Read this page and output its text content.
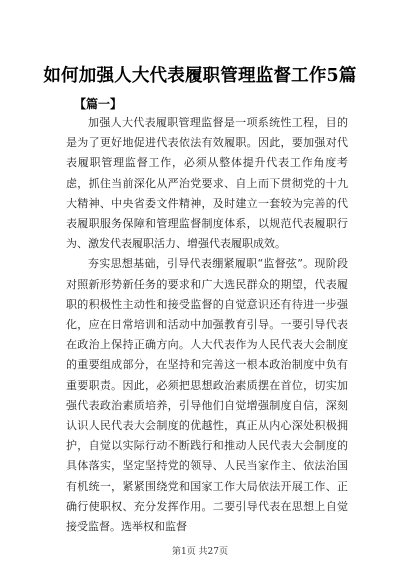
如何加强人大代表履职管理监督工作5篇
【篇一】

加强人大代表履职管理监督是一项系统性工程，目的是为了更好地促进代表依法有效履职。因此，要加强对代表履职管理监督工作，必须从整体提升代表工作角度考虑，抓住当前深化从严治党要求、自上而下贯彻党的十九大精神、中央省委文件精神，及时建立一套较为完善的代表履职服务保障和管理监督制度体系，以规范代表履职行为、激发代表履职活力、增强代表履职成效。

夯实思想基础，引导代表绷紧履职“监督弦”。现阶段对照新形势新任务的要求和广大选民群众的期望，代表履职的积极性主动性和接受监督的自觉意识还有待进一步强化，应在日常培训和活动中加强教育引导。一要引导代表在政治上保持正确方向。人大代表作为人民代表大会制度的重要组成部分，在坚持和完善这一根本政治制度中负有重要职责。因此，必须把思想政治素质摆在首位，切实加强代表政治素质培养，引导他们自觉增强制度自信，深刻认识人民代表大会制度的优越性，真正从内心深处积极拥护，自觉以实际行动不断践行和推动人民代表大会制度的具体落实，坚定坚持党的领导、人民当家作主、依法治国有机统一，紧紧围绕党和国家工作大局依法开展工作、正确行使职权、充分发挥作用。二要引导代表在思想上自觉接受监督。选举权和监督

第1页 共27页
